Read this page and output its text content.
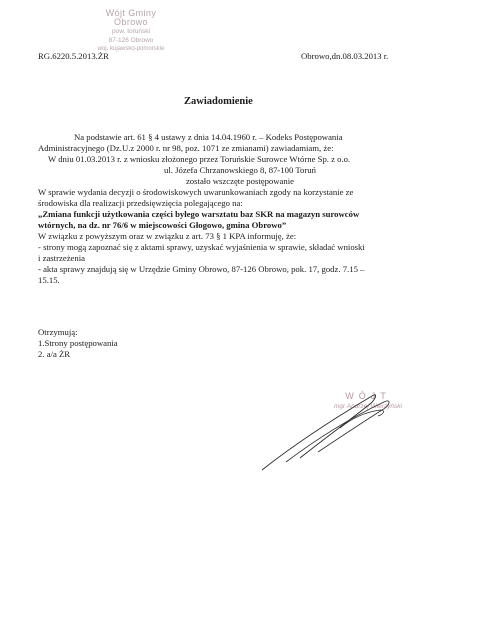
Wójt Gminy Obrowo
pow. toruński
87-126 Obrowo
woj. kujawsko-pomorskie
RG.6220.5.2013.ŻR	Obrowo,dn.08.03.2013 r.
Zawiadomienie
Na podstawie art. 61 § 4 ustawy z dnia 14.04.1960 r. – Kodeks Postępowania
Administracyjnego (Dz.U.z 2000 r. nr 98, poz. 1071 ze zmianami) zawiadamiam, że:
W dniu 01.03.2013 r. z wniosku złożonego przez Toruńskie Surowce Wtórne Sp. z o.o.
ul. Józefa Chrzanowskiego 8, 87-100 Toruń
zostało wszczęte postępowanie
W sprawie wydania decyzji o środowiskowych uwarunkowaniach zgody na korzystanie ze
środowiska dla realizacji przedsięwzięcia polegającego na:
„Zmiana funkcji użytkowania części byłego warsztatu baz SKR na magazyn surowców
wtórnych, na dz. nr 76/6 w miejscowości Głogowo, gmina Obrowo”
W związku z powyższym oraz w związku z art. 73 § 1 KPA informuję, że:
- strony mogą zapoznać się z aktami sprawy, uzyskać wyjaśnienia w sprawie, składać wnioski
i zastrzeżenia
- akta sprawy znajdują się w Urzędzie Gminy Obrowo, 87-126 Obrowo, pok. 17, godz. 7.15 –
15.15.
Otrzymują:
1.Strony postępowania
2. a/a ŻR
WÓJT
mgr Andrzej Wierzyński
